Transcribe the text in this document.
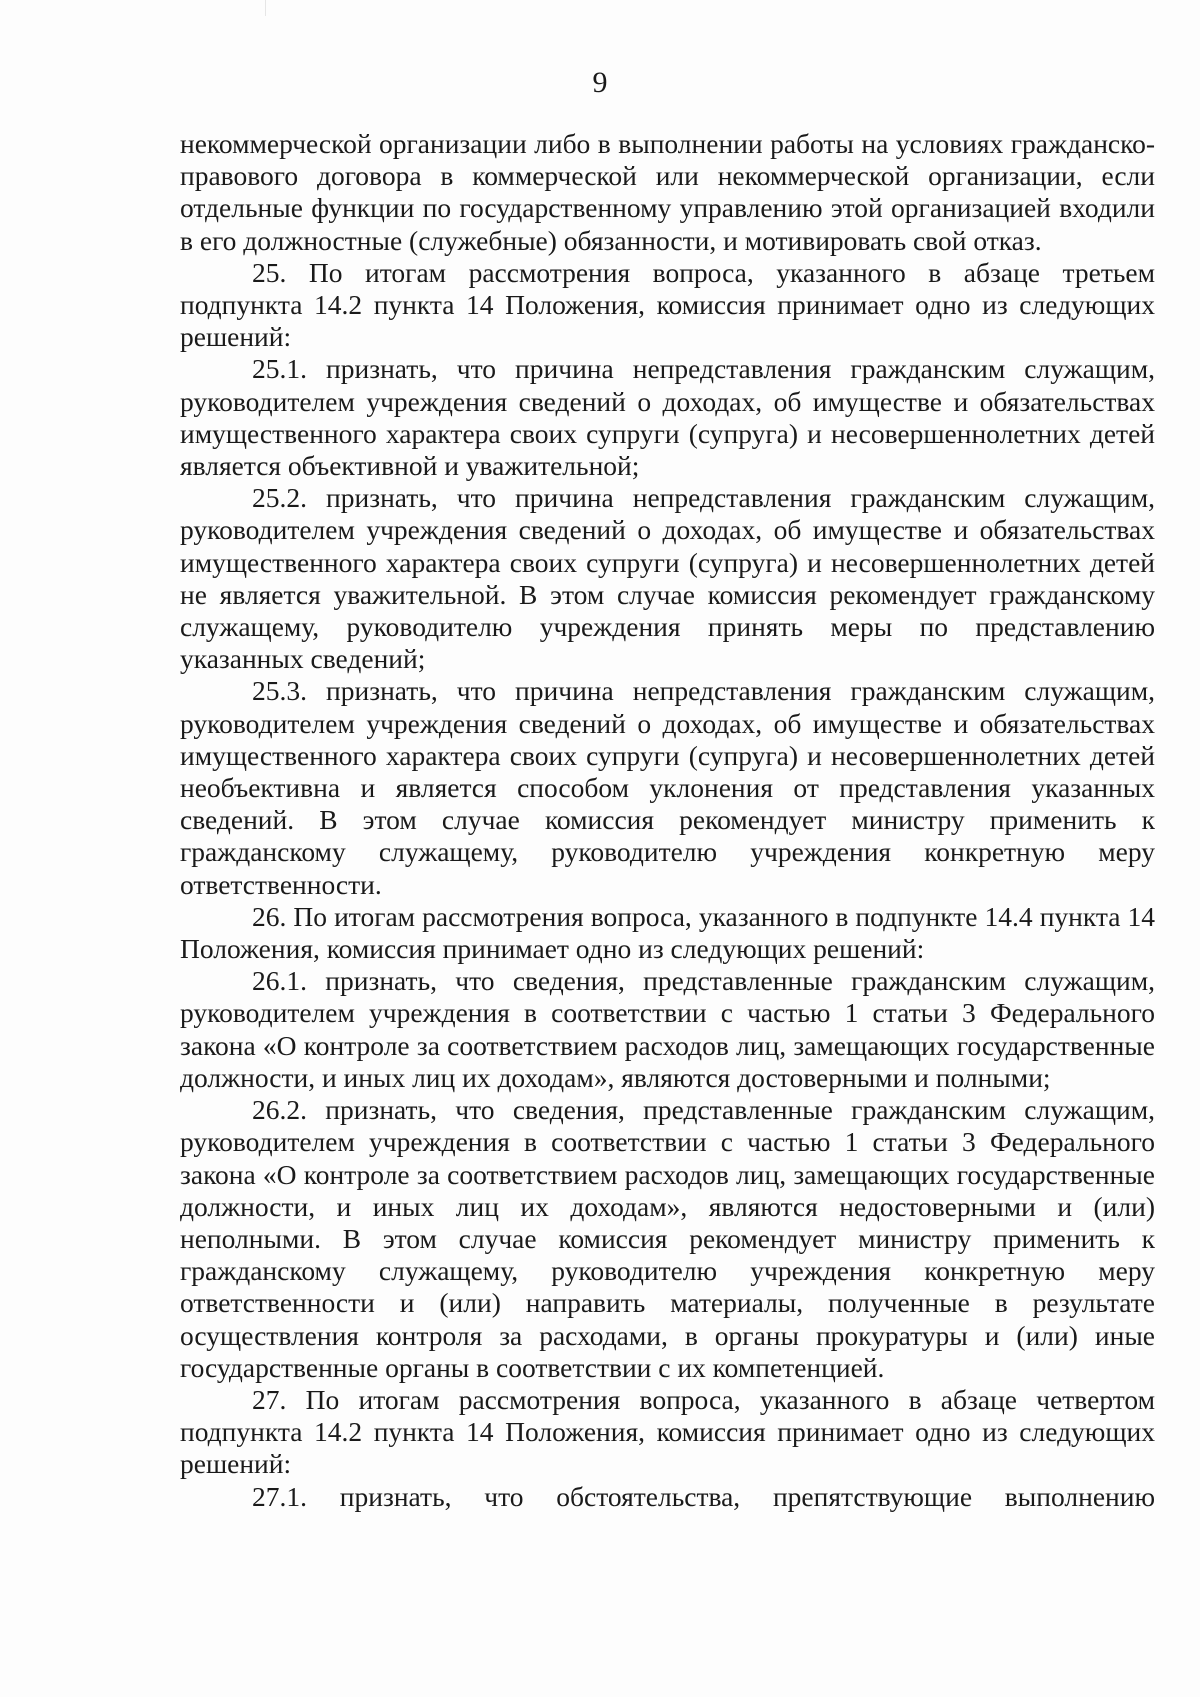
9

некоммерческой организации либо в выполнении работы на условиях гражданско-правового договора в коммерческой или некоммерческой организации, если отдельные функции по государственному управлению этой организацией входили в его должностные (служебные) обязанности, и мотивировать свой отказ.

25. По итогам рассмотрения вопроса, указанного в абзаце третьем подпункта 14.2 пункта 14 Положения, комиссия принимает одно из следующих решений:

25.1. признать, что причина непредставления гражданским служащим, руководителем учреждения сведений о доходах, об имуществе и обязательствах имущественного характера своих супруги (супруга) и несовершеннолетних детей является объективной и уважительной;

25.2. признать, что причина непредставления гражданским служащим, руководителем учреждения сведений о доходах, об имуществе и обязательствах имущественного характера своих супруги (супруга) и несовершеннолетних детей не является уважительной. В этом случае комиссия рекомендует гражданскому служащему, руководителю учреждения принять меры по представлению указанных сведений;

25.3. признать, что причина непредставления гражданским служащим, руководителем учреждения сведений о доходах, об имуществе и обязательствах имущественного характера своих супруги (супруга) и несовершеннолетних детей необъективна и является способом уклонения от представления указанных сведений. В этом случае комиссия рекомендует министру применить к гражданскому служащему, руководителю учреждения конкретную меру ответственности.

26. По итогам рассмотрения вопроса, указанного в подпункте 14.4 пункта 14 Положения, комиссия принимает одно из следующих решений:

26.1. признать, что сведения, представленные гражданским служащим, руководителем учреждения в соответствии с частью 1 статьи 3 Федерального закона «О контроле за соответствием расходов лиц, замещающих государственные должности, и иных лиц их доходам», являются достоверными и полными;

26.2. признать, что сведения, представленные гражданским служащим, руководителем учреждения в соответствии с частью 1 статьи 3 Федерального закона «О контроле за соответствием расходов лиц, замещающих государственные должности, и иных лиц их доходам», являются недостоверными и (или) неполными. В этом случае комиссия рекомендует министру применить к гражданскому служащему, руководителю учреждения конкретную меру ответственности и (или) направить материалы, полученные в результате осуществления контроля за расходами, в органы прокуратуры и (или) иные государственные органы в соответствии с их компетенцией.

27. По итогам рассмотрения вопроса, указанного в абзаце четвертом подпункта 14.2 пункта 14 Положения, комиссия принимает одно из следующих решений:

27.1. признать, что обстоятельства, препятствующие выполнению
